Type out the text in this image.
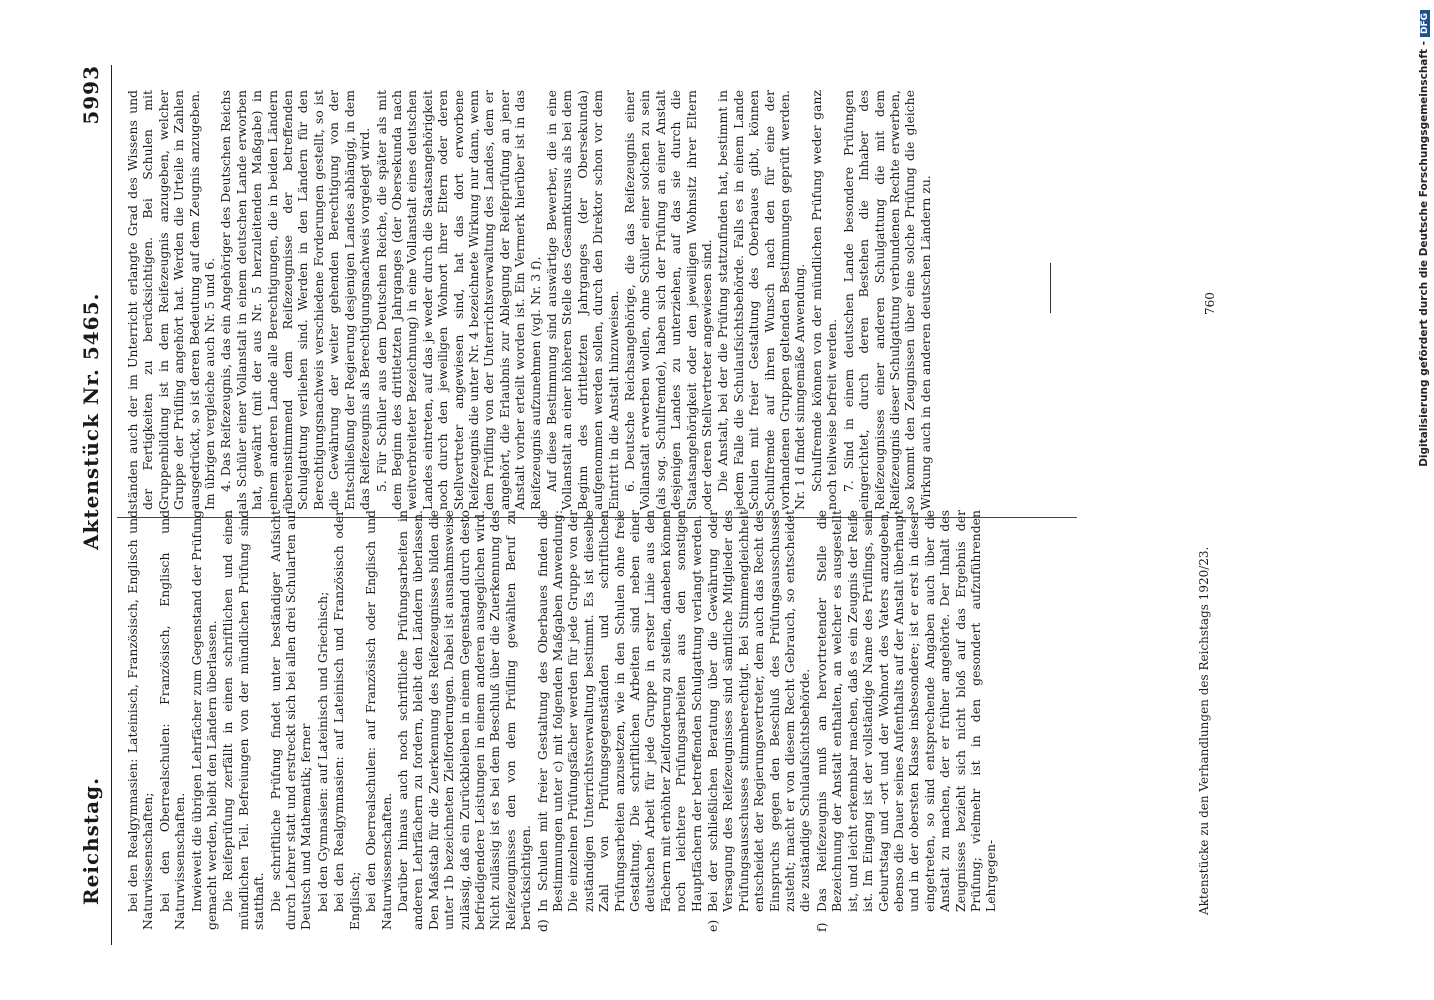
Reichstag.
Aktenstück Nr. 5465.
5993

bei den Realgymnasien: Lateinisch, Französisch, Englisch und Naturwissenschaften; bei den Oberrealschulen: Französisch, Englisch und Naturwissenschaften. Inwieweit die übrigen Lehrfächer zum Gegenstand der Prüfung gemacht werden, bleibt den Ländern überlassen. Die Reifeprüfung zerfällt in einen schriftlichen und einen mündlichen Teil. Befreiungen von der mündlichen Prüfung sind statthaft. Die schriftliche Prüfung findet unter beständiger Aufsicht durch Lehrer statt und erstreckt sich bei allen drei Schularten auf Deutsch und Mathematik; ferner bei den Gymnasien: auf Lateinisch und Griechisch; bei den Realgymnasien: auf Lateinisch und Französisch oder Englisch; bei den Oberrealschulen: auf Französisch oder Englisch und Naturwissenschaften. Darüber hinaus auch noch schriftliche Prüfungsarbeiten in anderen Lehrfächern zu fordern, bleibt den Ländern überlassen. Den Maßstab für die Zuerkennung des Reifezeugnisses bilden die unter 1b bezeichneten Zielforderungen. Dabei ist ausnahmsweise zulässig, daß ein Zurückbleiben in einem Gegenstand durch desto befriedigendere Leistungen in einem anderen ausgeglichen wird. Nicht zulässig ist es bei dem Beschluß über die Zuerkennung des Reifezeugnisses den von dem Prüfling gewählten Beruf zu berücksichtigen. d)
In Schulen mit freier Gestaltung des Oberbaues finden die Bestimmungen unter c) mit folgenden Maßgaben Anwendung: Die einzelnen Prüfungsfächer werden für jede Gruppe von der zuständigen Unterrichtsverwaltung bestimmt. Es ist dieselbe Zahl von Prüfungsgegenständen und schriftlichen Prüfungsarbeiten anzusetzen, wie in den Schulen ohne freie Gestaltung. Die schriftlichen Arbeiten sind neben einer deutschen Arbeit für jede Gruppe in erster Linie aus den Fächern mit erhöhter Zielforderung zu stellen, daneben können noch leichtere Prüfungsarbeiten aus den sonstigen Hauptfächern der betreffenden Schulgattung verlangt werden.
e)
Bei der schließlichen Beratung über die Gewährung oder Versagung des Reifezeugnisses sind sämtliche Mitglieder des Prüfungsausschusses stimmberechtigt. Bei Stimmengleichheit entscheidet der Regierungsvertreter, dem auch das Recht des Einspruchs gegen den Beschluß des Prüfungsausschusses zusteht; macht er von diesem Recht Gebrauch, so entscheidet die zuständige Schulaufsichtsbehörde.
f)
Das Reifezeugnis muß an hervortretender Stelle die Bezeichnung der Anstalt enthalten, an welcher es ausgestellt ist, und leicht erkennbar machen, daß es ein Zeugnis der Reife ist. Im Eingang ist der vollständige Name des Prüflings, sein Geburtstag und -ort und der Wohnort des Vaters anzugeben, ebenso die Dauer seines Aufenthalts auf der Anstalt überhaupt und in der obersten Klasse insbesondere; ist er erst in dieser eingetreten, so sind entsprechende Angaben auch über die Anstalt zu machen, der er früher angehörte. Der Inhalt des Zeugnisses bezieht sich nicht bloß auf das Ergebnis der Prüfung; vielmehr ist in den gesondert aufzuführenden Lehrgegen-

ständen auch der im Unterricht erlangte Grad des Wissens und der Fertigkeiten zu berücksichtigen. Bei Schulen mit Gruppenbildung ist in dem Reifezeugnis anzugeben, welcher Gruppe der Prüfling angehört hat. Werden die Urteile in Zahlen ausgedrückt, so ist deren Bedeutung auf dem Zeugnis anzugeben. Im übrigen vergleiche auch Nr. 5 und 6. 4. Das Reifezeugnis, das ein Angehöriger des Deutschen Reichs als Schüler einer Vollanstalt in einem deutschen Lande erworben hat, gewährt (mit der aus Nr. 5 herzuleitenden Maßgabe) in einem anderen Lande alle Berechtigungen, die in beiden Ländern übereinstimmend dem Reifezeugnisse der betreffenden Schulgattung verliehen sind. Werden in den Ländern für den Berechtigungsnachweis verschiedene Forderungen gestellt, so ist die Gewährung der weiter gehenden Berechtigung von der Entschließung der Regierung desjenigen Landes abhängig, in dem das Reifezeugnis als Berechtigungsnachweis vorgelegt wird. 5. Für Schüler aus dem Deutschen Reiche, die später als mit dem Beginn des drittletzten Jahrganges (der Obersekunda nach weitverbreiteter Bezeichnung) in eine Vollanstalt eines deutschen Landes eintreten, auf das je weder durch die Staatsangehörigkeit noch durch den jeweiligen Wohnort ihrer Eltern oder deren Stellvertreter angewiesen sind, hat das dort erworbene Reifezeugnis die unter Nr. 4 bezeichnete Wirkung nur dann, wenn dem Prüfling von der Unterrichtsverwaltung des Landes, dem er angehört, die Erlaubnis zur Ablegung der Reifeprüfung an jener Anstalt vorher erteilt worden ist. Ein Vermerk hierüber ist in das Reifezeugnis aufzunehmen (vgl. Nr. 3 f). Auf diese Bestimmung sind auswärtige Bewerber, die in eine Vollanstalt an einer höheren Stelle des Gesamtkursus als bei dem Beginn des drittletzten Jahrganges (der Obersekunda) aufgenommen werden sollen, durch den Direktor schon vor dem Eintritt in die Anstalt hinzuweisen. 6. Deutsche Reichsangehörige, die das Reifezeugnis einer Vollanstalt erwerben wollen, ohne Schüler einer solchen zu sein (als sog. Schulfremde), haben sich der Prüfung an einer Anstalt desjenigen Landes zu unterziehen, auf das sie durch die Staatsangehörigkeit oder den jeweiligen Wohnsitz ihrer Eltern oder deren Stellvertreter angewiesen sind. Die Anstalt, bei der die Prüfung stattzufinden hat, bestimmt in jedem Falle die Schulaufsichtsbehörde. Falls es in einem Lande Schulen mit freier Gestaltung des Oberbaues gibt, können Schulfremde auf ihren Wunsch nach den für eine der vorhandenen Gruppen geltenden Bestimmungen geprüft werden. Nr. 1 d findet sinngemäße Anwendung. Schulfremde können von der mündlichen Prüfung weder ganz noch teilweise befreit werden. 7. Sind in einem deutschen Lande besondere Prüfungen eingerichtet, durch deren Bestehen die Inhaber des Reifezeugnisses einer anderen Schulgattung die mit dem Reifezeugnis dieser Schulgattung verbundenen Rechte erwerben, so kommt den Zeugnissen über eine solche Prüfung die gleiche Wirkung auch in den anderen deutschen Ländern zu.

Aktenstücke zu den Verhandlungen des Reichstags 1920/23.
760	Digitalisierung gefördert durch die Deutsche Forschungsgemeinschaft -DFG
